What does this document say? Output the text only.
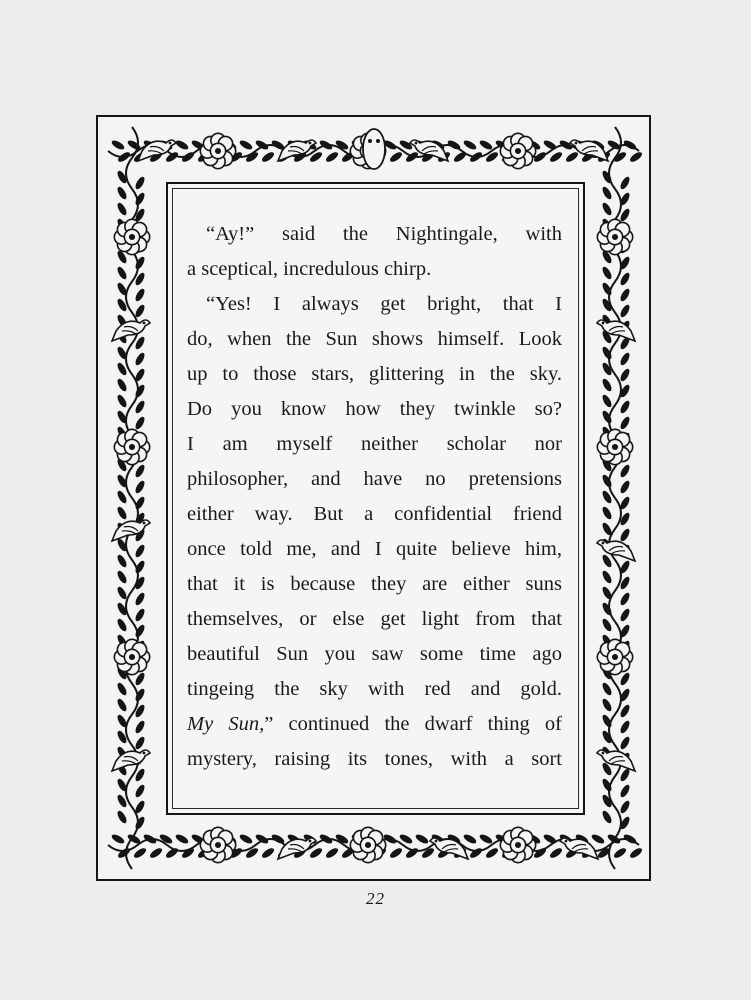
“Ay!” said the Nightingale, with
a sceptical, incredulous chirp.
“Yes! I always get bright, that I
do, when the Sun shows himself. Look
up to those stars, glittering in the sky.
Do you know how they twinkle so?
I am myself neither scholar nor
philosopher, and have no pretensions
either way. But a confidential friend
once told me, and I quite believe him,
that it is because they are either suns
themselves, or else get light from that
beautiful Sun you saw some time ago
tingeing the sky with red and gold.
My Sun,” continued the dwarf thing of
mystery, raising its tones, with a sort
22
